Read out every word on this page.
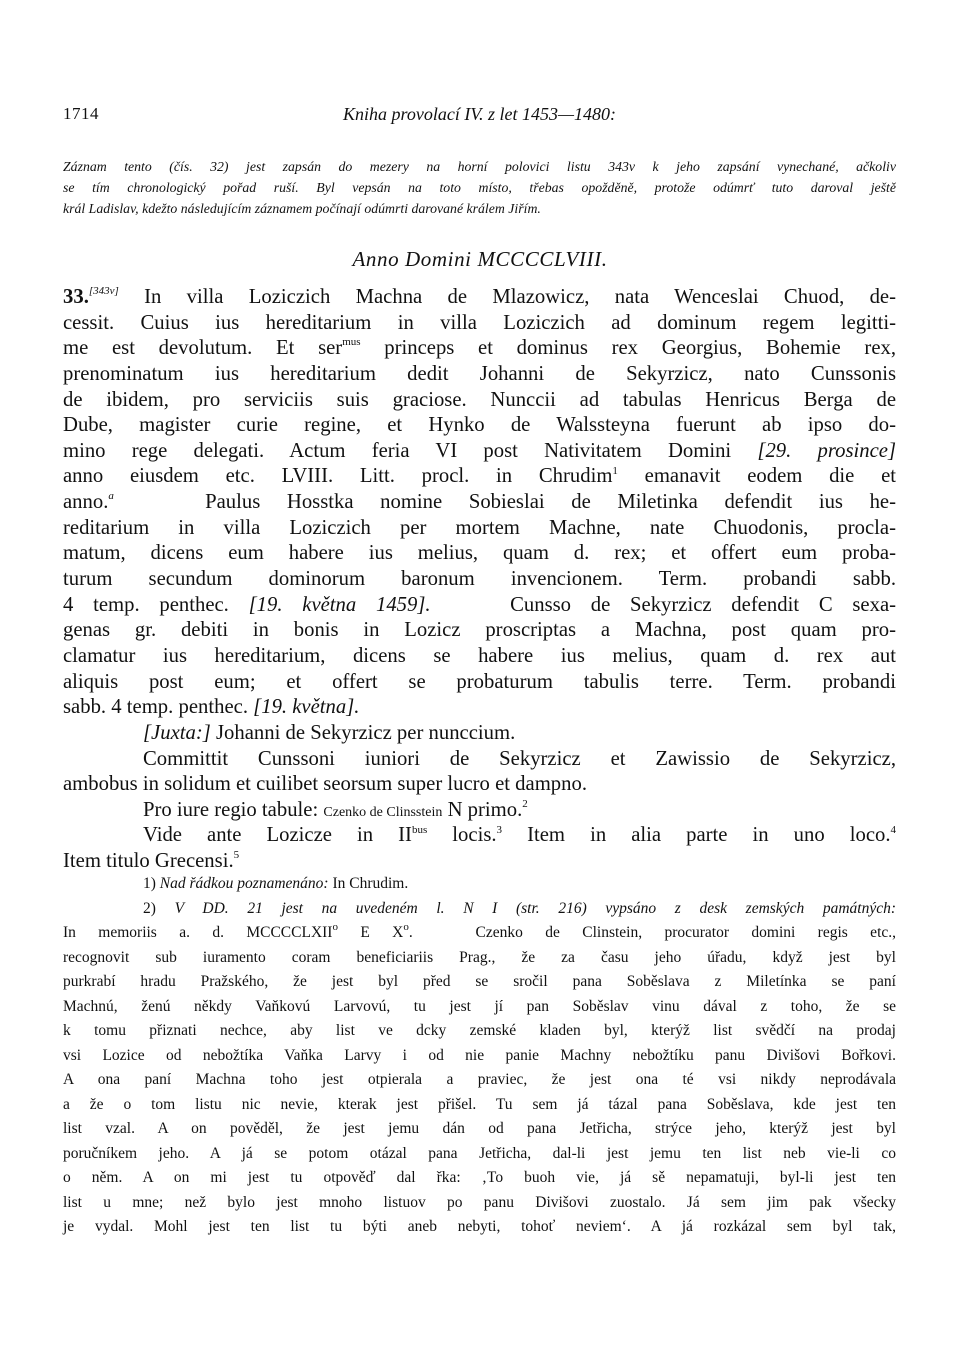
1714	Kniha provolací IV. z let 1453—1480:
Záznam tento (čís. 32) jest zapsán do mezery na horní polovici listu 343v k jeho zapsání vynechané, ačkoliv
se tím chronologický pořad ruší. Byl vepsán na toto místo, třebas opožděně, protože odúmrť tuto daroval ještě
král Ladislav, kdežto následujícím záznamem počínají odúmrti darované králem Jiřím.
Anno Domini MCCCCLVIII.
33.[343v] In villa Loziczich Machna de Mlazowicz, nata Wenceslai Chuod, de-
cessit. Cuius ius hereditarium in villa Loziczich ad dominum regem legitti-
me est devolutum. Et ser$^{mus}$ princeps et dominus rex Georgius, Bohemie rex,
prenominatum ius hereditarium dedit Johanni de Sekyrzicz, nato Cunssonis
de ibidem, pro serviciis suis graciose. Nunccii ad tabulas Henricus Berga de
Dube, magister curie regine, et Hynko de Walssteyna fuerunt ab ipso do-
mino rege delegati. Actum feria VI post Nativitatem Domini [29. prosince]
anno eiusdem etc. LVIII. Litt. procl. in Chrudim$^1$ emanavit eodem die et
anno.$^a$	Paulus Hosstka nomine Sobieslai de Miletinka defendit ius he-
reditarium in villa Loziczich per mortem Machne, nate Chuodonis, procla-
matum, dicens eum habere ius melius, quam d. rex; et offert eum proba-
turum secundum dominorum baronum invencionem. Term. probandi sabb.
4 temp. penthec. [19. května 1459].	Cunsso de Sekyrzicz defendit C sexa-
genas gr. debiti in bonis in Lozicz proscriptas a Machna, post quam pro-
clamatur ius hereditarium, dicens se habere ius melius, quam d. rex aut
aliquis post eum; et offert se probaturum tabulis terre. Term. probandi
sabb. 4 temp. penthec. [19. května].
[Juxta:] Johanni de Sekyrzicz per nunccium.
Committit Cunssoni iuniori de Sekyrzicz et Zawissio de Sekyrzicz,
ambobus in solidum et cuilibet seorsum super lucro et dampno.
Pro iure regio tabule: Czenko de Clinsstein N primo.$^2$
Vide ante Lozicze in $II^{bus}$ locis.$^3$ Item in alia parte in uno loco.$^4$
Item titulo Grecensi.$^5$
1) Nad řádkou poznamenáno: In Chrudim.
2) V DD. 21 jest na uvedeném l. N I (str. 216) vypsáno z desk zemských památných:
In memoriis a. d. MCCCCLXII$^o$ E $X^o$.	Czenko de Clinstein, procurator domini regis etc.,
recognovit sub iuramento coram beneficiariis Prag., že za času jeho úřadu, když jest byl
purkrabí hradu Pražského, že jest byl před se sročil pana Soběslava z Miletínka se paní
Machnú, ženú někdy Vaňkovú Larvovú, tu jest jí pan Soběslav vinu dával z toho, že se
k tomu přiznati nechce, aby list ve dcky zemské kladen byl, kterýž list svědčí na prodaj
vsi Lozice od nebožtíka Vaňka Larvy i od nie panie Machny nebožtíku panu Divišovi Bořkovi.
A ona paní Machna toho jest otpierala a praviec, že jest ona té vsi nikdy neprodávala
a že o tom listu nic nevie, kterak jest přišel. Tu sem já tázal pana Soběslava, kde jest ten
list vzal. A on pověděl, že jest jemu dán od pana Jetřicha, strýce jeho, kterýž jest byl
poručníkem jeho. A já se potom otázal pana Jetřicha, dal-li jest jemu ten list neb vie-li co
o něm. A on mi jest tu otpověď dal řka: ‚To buoh vie, já sě nepamatuji, byl-li jest ten
list u mne; než bylo jest mnoho listuov po panu Divišovi zuostalo. Já sem jim pak všecky
je vydal. Mohl jest ten list tu býti aneb nebyti, tohoť neviem‘. A já rozkázal sem byl tak,
